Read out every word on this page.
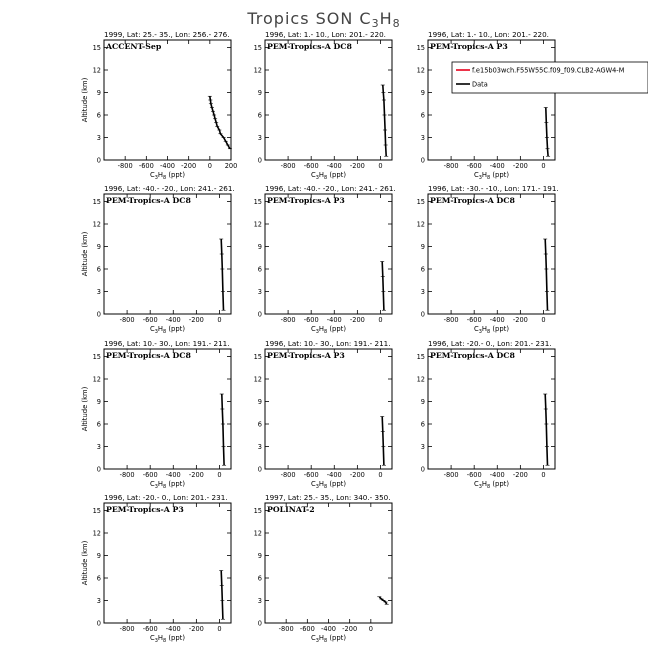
Tropics SON C3H8
1999, Lat: 25.- 35., Lon: 256.- 276.
ACCENT-Sep
0
3
6
9
12
15
-800 -600 -400 -200 0 200
$C_3H_8$ (ppt)
Altitude (km)
1996, Lat: 1.- 10., Lon: 201.- 220.
PEM-Tropics-A DC8
0
3
6
9
12
15
-800 -600 -400 -200 0
$C_3H_8$ (ppt)
1996, Lat: 1.- 10., Lon: 201.- 220.
PEM-Tropics-A P3
0
3
6
9
12
15
-800 -600 -400 -200 0
$C_3H_8$ (ppt)
1996, Lat: -40.- -20., Lon: 241.- 261.
PEM-Tropics-A DC8
0
3
6
9
12
15
-800 -600 -400 -200 0
$C_3H_8$ (ppt)
Altitude (km)
1996, Lat: -40.- -20., Lon: 241.- 261.
PEM-Tropics-A P3
0
3
6
9
12
15
-800 -600 -400 -200 0
$C_3H_8$ (ppt)
1996, Lat: -30.- -10., Lon: 171.- 191.
PEM-Tropics-A DC8
0
3
6
9
12
15
-800 -600 -400 -200 0
$C_3H_8$ (ppt)
1996, Lat: 10.- 30., Lon: 191.- 211.
PEM-Tropics-A DC8
0
3
6
9
12
15
-800 -600 -400 -200 0
$C_3H_8$ (ppt)
Altitude (km)
1996, Lat: 10.- 30., Lon: 191.- 211.
PEM-Tropics-A P3
0
3
6
9
12
15
-800 -600 -400 -200 0
$C_3H_8$ (ppt)
1996, Lat: -20.- 0., Lon: 201.- 231.
PEM-Tropics-A DC8
0
3
6
9
12
15
-800 -600 -400 -200 0
$C_3H_8$ (ppt)
1996, Lat: -20.- 0., Lon: 201.- 231.
PEM-Tropics-A P3
0
3
6
9
12
15
-800 -600 -400 -200 0
$C_3H_8$ (ppt)
Altitude (km)
1997, Lat: 25.- 35., Lon: 340.- 350.
POLINAT-2
0
3
6
9
12
15
-800 -600 -400 -200 0
$C_3H_8$ (ppt)
f.e15b03wch.F55W55C.f09_f09.CLB2-AGW4-M
Data
